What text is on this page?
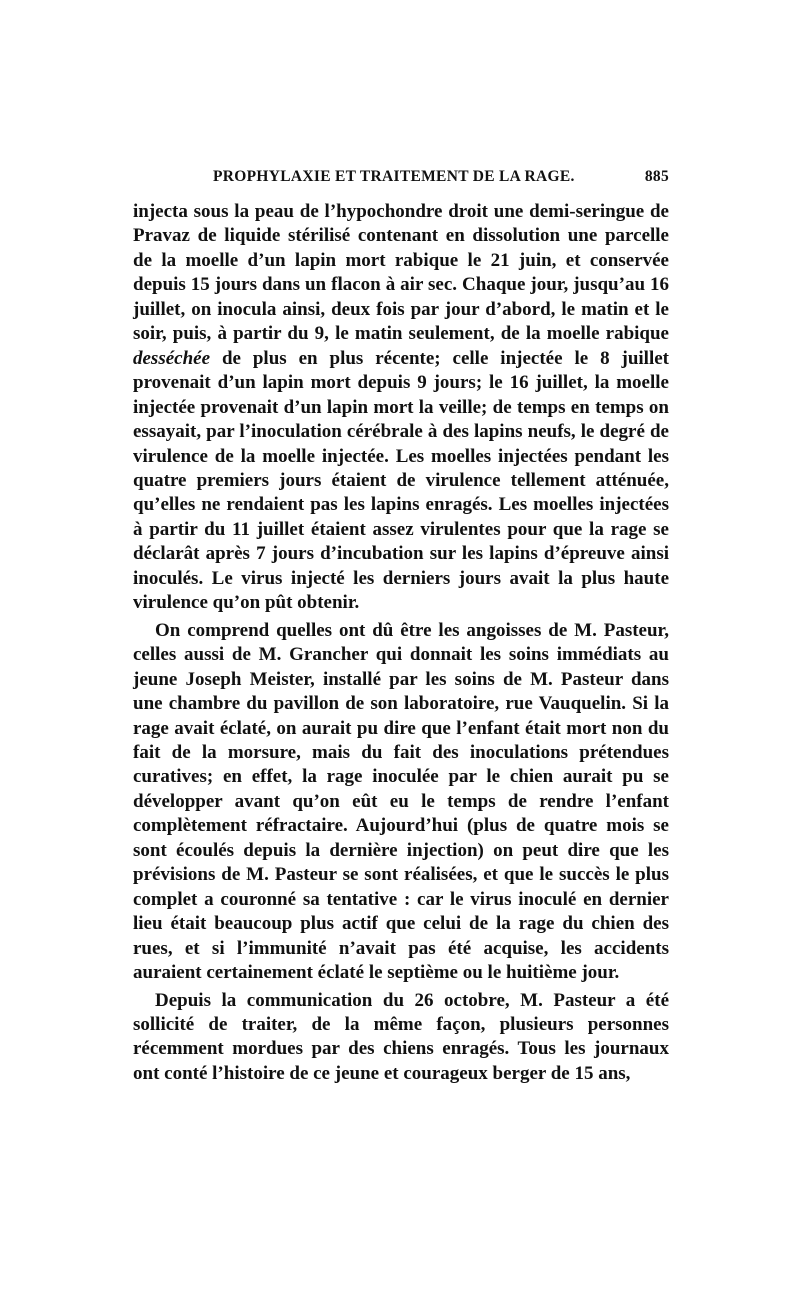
PROPHYLAXIE ET TRAITEMENT DE LA RAGE.	885

injecta sous la peau de l’hypochondre droit une demi-seringue de Pravaz de liquide stérilisé contenant en dissolution une parcelle de la moelle d’un lapin mort rabique le 21 juin, et conservée depuis 15 jours dans un flacon à air sec. Chaque jour, jusqu’au 16 juillet, on inocula ainsi, deux fois par jour d’abord, le matin et le soir, puis, à partir du 9, le matin seulement, de la moelle rabique desséchée de plus en plus récente; celle injectée le 8 juillet provenait d’un lapin mort depuis 9 jours; le 16 juillet, la moelle injectée provenait d’un lapin mort la veille; de temps en temps on essayait, par l’inoculation cérébrale à des lapins neufs, le degré de virulence de la moelle injectée. Les moelles injectées pendant les quatre premiers jours étaient de virulence tellement atténuée, qu’elles ne rendaient pas les lapins enragés. Les moelles injectées à partir du 11 juillet étaient assez virulentes pour que la rage se déclarât après 7 jours d’incubation sur les lapins d’épreuve ainsi inoculés. Le virus injecté les derniers jours avait la plus haute virulence qu’on pût obtenir.

On comprend quelles ont dû être les angoisses de M. Pasteur, celles aussi de M. Grancher qui donnait les soins immédiats au jeune Joseph Meister, installé par les soins de M. Pasteur dans une chambre du pavillon de son laboratoire, rue Vauquelin. Si la rage avait éclaté, on aurait pu dire que l’enfant était mort non du fait de la morsure, mais du fait des inoculations prétendues curatives; en effet, la rage inoculée par le chien aurait pu se développer avant qu’on eût eu le temps de rendre l’enfant complètement réfractaire. Aujourd’hui (plus de quatre mois se sont écoulés depuis la dernière injection) on peut dire que les prévisions de M. Pasteur se sont réalisées, et que le succès le plus complet a couronné sa tentative : car le virus inoculé en dernier lieu était beaucoup plus actif que celui de la rage du chien des rues, et si l’immunité n’avait pas été acquise, les accidents auraient certainement éclaté le septième ou le huitième jour.

Depuis la communication du 26 octobre, M. Pasteur a été sollicité de traiter, de la même façon, plusieurs personnes récemment mordues par des chiens enragés. Tous les journaux ont conté l’histoire de ce jeune et courageux berger de 15 ans,
